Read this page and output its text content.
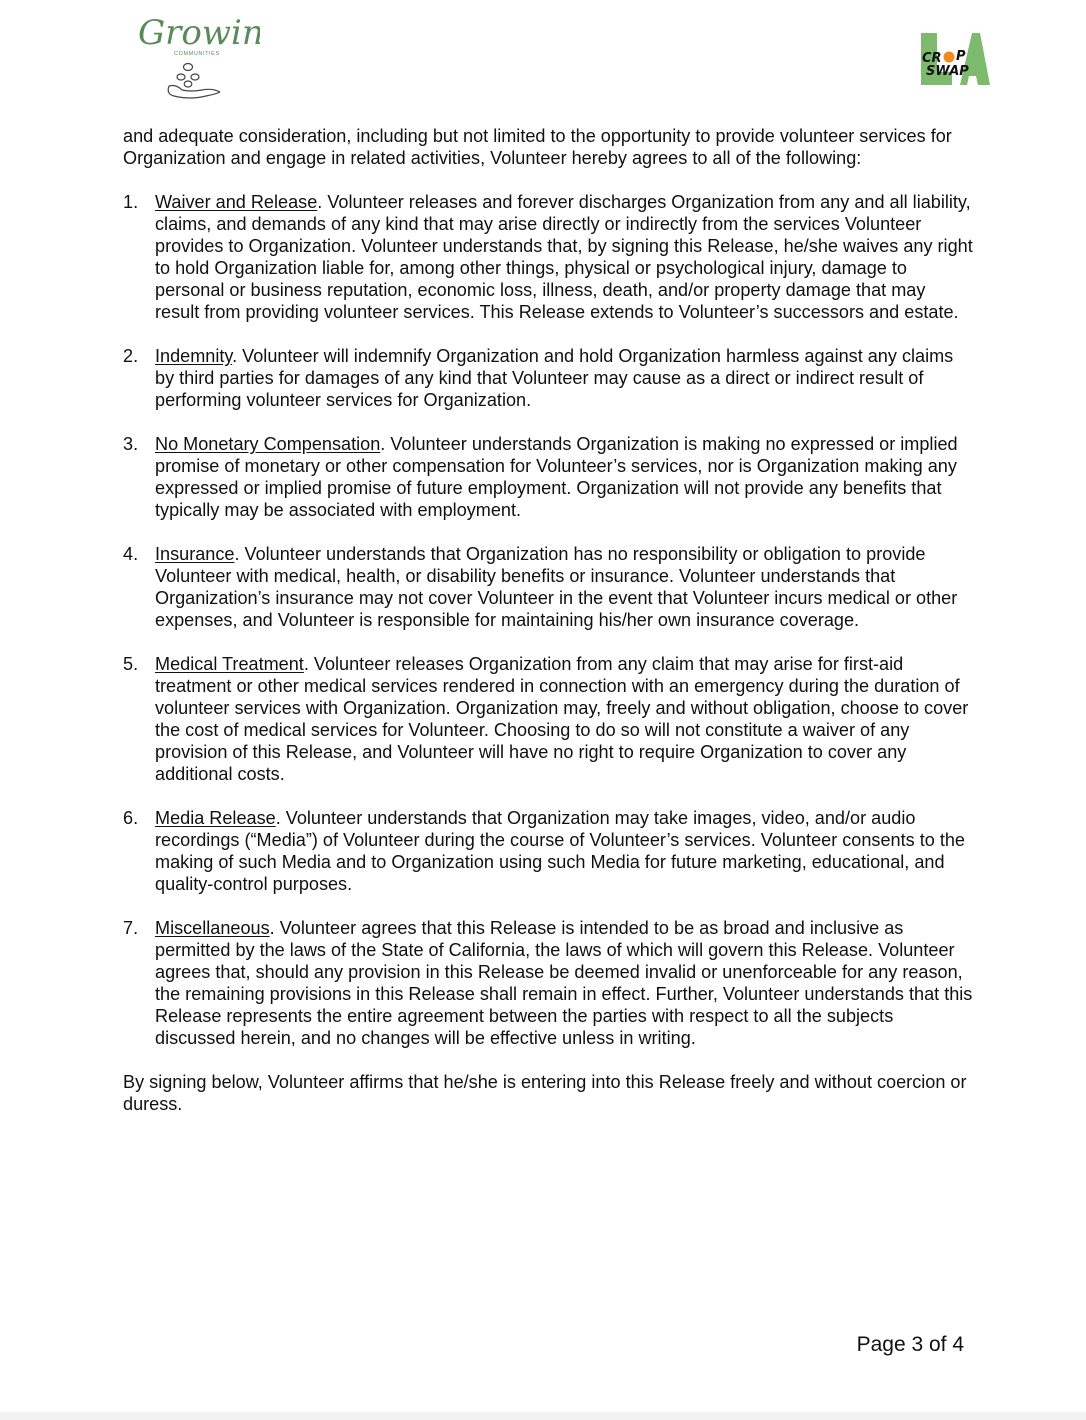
Growi
COMMUNITIES	CR P
SWAP

and adequate consideration, including but not limited to the opportunity to provide volunteer services for Organization and engage in related activities, Volunteer hereby agrees to all of the following:

1. Waiver and Release. Volunteer releases and forever discharges Organization from any and all liability, claims, and demands of any kind that may arise directly or indirectly from the services Volunteer provides to Organization. Volunteer understands that, by signing this Release, he/she waives any right to hold Organization liable for, among other things, physical or psychological injury, damage to personal or business reputation, economic loss, illness, death, and/or property damage that may result from providing volunteer services. This Release extends to Volunteer’s successors and estate.
2. Indemnity. Volunteer will indemnify Organization and hold Organization harmless against any claims by third parties for damages of any kind that Volunteer may cause as a direct or indirect result of performing volunteer services for Organization.
3. No Monetary Compensation. Volunteer understands Organization is making no expressed or implied promise of monetary or other compensation for Volunteer’s services, nor is Organization making any expressed or implied promise of future employment. Organization will not provide any benefits that typically may be associated with employment.
4. Insurance. Volunteer understands that Organization has no responsibility or obligation to provide Volunteer with medical, health, or disability benefits or insurance. Volunteer understands that Organization’s insurance may not cover Volunteer in the event that Volunteer incurs medical or other expenses, and Volunteer is responsible for maintaining his/her own insurance coverage.
5. Medical Treatment. Volunteer releases Organization from any claim that may arise for first-aid treatment or other medical services rendered in connection with an emergency during the duration of volunteer services with Organization. Organization may, freely and without obligation, choose to cover the cost of medical services for Volunteer. Choosing to do so will not constitute a waiver of any provision of this Release, and Volunteer will have no right to require Organization to cover any additional costs.
6. Media Release. Volunteer understands that Organization may take images, video, and/or audio recordings (“Media”) of Volunteer during the course of Volunteer’s services. Volunteer consents to the making of such Media and to Organization using such Media for future marketing, educational, and quality-control purposes.
7. Miscellaneous. Volunteer agrees that this Release is intended to be as broad and inclusive as permitted by the laws of the State of California, the laws of which will govern this Release. Volunteer agrees that, should any provision in this Release be deemed invalid or unenforceable for any reason, the remaining provisions in this Release shall remain in effect. Further, Volunteer understands that this Release represents the entire agreement between the parties with respect to all the subjects discussed herein, and no changes will be effective unless in writing.

By signing below, Volunteer affirms that he/she is entering into this Release freely and without coercion or duress.

Page 3 of 4
